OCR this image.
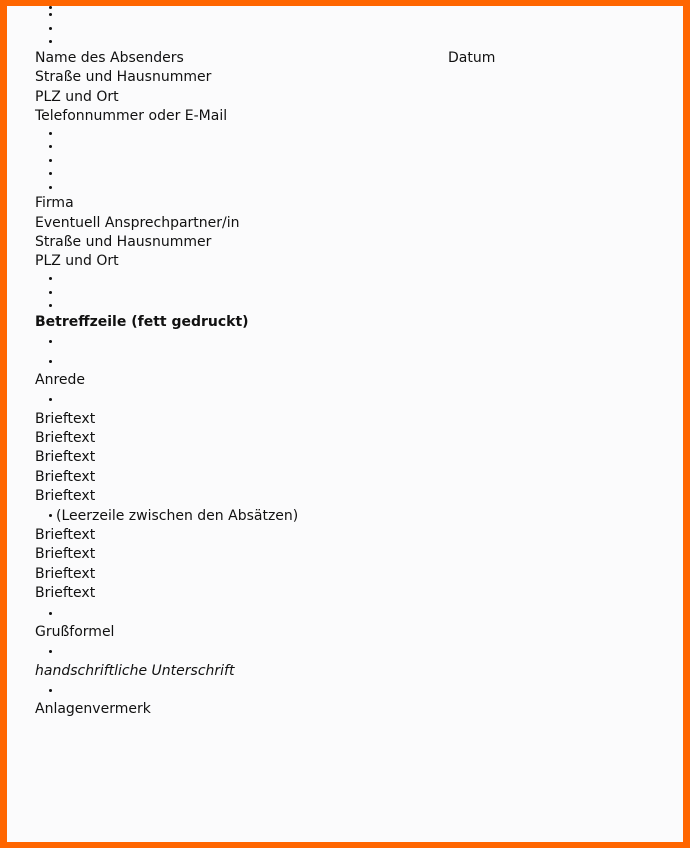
Name des Absenders	Datum
Straße und Hausnummer
PLZ und Ort
Telefonnummer oder E-Mail
Firma
Eventuell Ansprechpartner/in
Straße und Hausnummer
PLZ und Ort
Betreffzeile (fett gedruckt)
Anrede
Brieftext
Brieftext
Brieftext
Brieftext
Brieftext
(Leerzeile zwischen den Absätzen)
Brieftext
Brieftext
Brieftext
Brieftext
Grußformel
handschriftliche Unterschrift
Anlagenvermerk
